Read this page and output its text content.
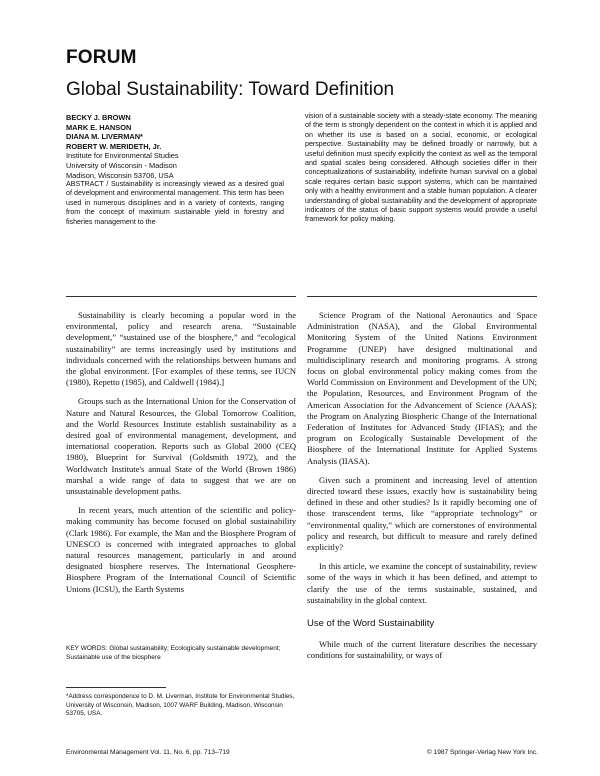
FORUM
Global Sustainability: Toward Definition
BECKY J. BROWN
MARK E. HANSON
DIANA M. LIVERMAN*
ROBERT W. MERIDETH, Jr.
Institute for Environmental Studies
University of Wisconsin - Madison
Madison, Wisconsin 53706, USA
ABSTRACT / Sustainability is increasingly viewed as a desired goal of development and environmental management. This term has been used in numerous disciplines and in a variety of contexts, ranging from the concept of maximum sustainable yield in forestry and fisheries management to the
vision of a sustainable society with a steady-state economy. The meaning of the term is strongly dependent on the context in which it is applied and on whether its use is based on a social, economic, or ecological perspective. Sustainability may be defined broadly or narrowly, but a useful definition must specify explicitly the context as well as the temporal and spatial scales being considered. Although societies differ in their conceptualizations of sustainability, indefinite human survival on a global scale requires certain basic support systems, which can be maintained only with a healthy environment and a stable human population. A clearer understanding of global sustainability and the development of appropriate indicators of the status of basic support systems would provide a useful framework for policy making.

Sustainability is clearly becoming a popular word in the environmental, policy and research arena. “Sustainable development,” “sustained use of the biosphere,” and “ecological sustainability” are terms increasingly used by institutions and individuals concerned with the relationships between humans and the global environment. [For examples of these terms, see IUCN (1980), Repetto (1985), and Caldwell (1984).]

Groups such as the International Union for the Conservation of Nature and Natural Resources, the Global Tomorrow Coalition, and the World Resources Institute establish sustainability as a desired goal of environmental management, development, and international cooperation. Reports such as Global 2000 (CEQ 1980), Blueprint for Survival (Goldsmith 1972), and the Worldwatch Institute's annual State of the World (Brown 1986) marshal a wide range of data to suggest that we are on unsustainable development paths.

In recent years, much attention of the scientific and policy-making community has become focused on global sustainability (Clark 1986). For example, the Man and the Biosphere Program of UNESCO is concerned with integrated approaches to global natural resources management, particularly in and around designated biosphere reserves. The International Geosphere-Biosphere Program of the International Council of Scientific Unions (ICSU), the Earth Systems

KEY WORDS: Global sustainability; Ecologically sustainable development; Sustainable use of the biosphere
*Address correspondence to D. M. Liverman, Institute for Environmental Studies, University of Wisconsin, Madison, 1007 WARF Building, Madison, Wisconsin 53705, USA.

Science Program of the National Aeronautics and Space Administration (NASA), and the Global Environmental Monitoring System of the United Nations Environment Programme (UNEP) have designed multinational and multidisciplinary research and monitoring programs. A strong focus on global environmental policy making comes from the World Commission on Environment and Development of the UN; the Population, Resources, and Environment Program of the American Association for the Advancement of Science (AAAS); the Program on Analyzing Biospheric Change of the International Federation of Institutes for Advanced Study (IFIAS); and the program on Ecologically Sustainable Development of the Biosphere of the International Institute for Applied Systems Analysis (IIASA).

Given such a prominent and increasing level of attention directed toward these issues, exactly how is sustainability being defined in these and other studies? Is it rapidly becoming one of those transcendent terms, like “appropriate technology” or “environmental quality,” which are cornerstones of environmental policy and research, but difficult to measure and rarely defined explicitly?

In this article, we examine the concept of sustainability, review some of the ways in which it has been defined, and attempt to clarify the use of the terms sustainable, sustained, and sustainability in the global context.

Use of the Word Sustainability

While much of the current literature describes the necessary conditions for sustainability, or ways of

Environmental Management Vol. 11, No. 6, pp. 713–719	© 1987 Springer-Verlag New York Inc.
